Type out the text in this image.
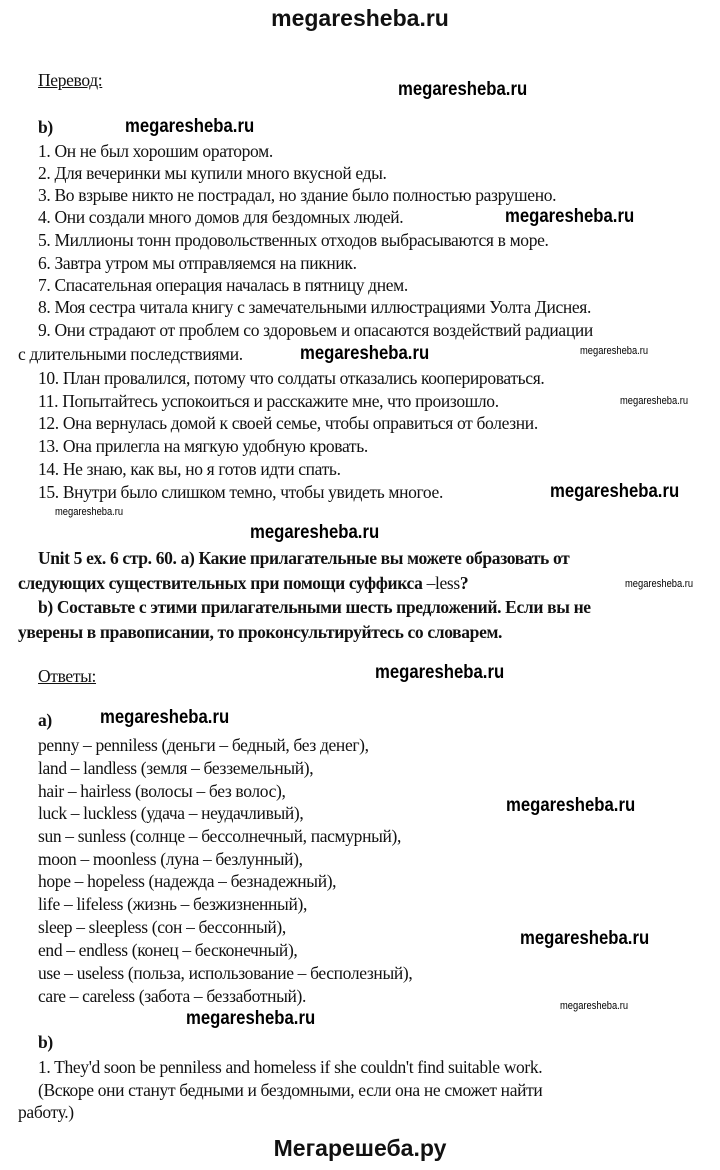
megaresheba.ru
Перевод:	megaresheba.ru
b)	megaresheba.ru
1. Он не был хорошим оратором.
2. Для вечеринки мы купили много вкусной еды.
3. Во взрыве никто не пострадал, но здание было полностью разрушено.
4. Они создали много домов для бездомных людей.	megaresheba.ru
5. Миллионы тонн продовольственных отходов выбрасываются в море.
6. Завтра утром мы отправляемся на пикник.
7. Спасательная операция началась в пятницу днем.
8. Моя сестра читала книгу с замечательными иллюстрациями Уолта Диснея.
9. Они страдают от проблем со здоровьем и опасаются воздействий радиации
с длительными последствиями.	megaresheba.ru
megaresheba.ru
10. План провалился, потому что солдаты отказались кооперироваться.
11. Попытайтесь успокоиться и расскажите мне, что произошло.	megaresheba.ru
12. Она вернулась домой к своей семье, чтобы оправиться от болезни.
13. Она прилегла на мягкую удобную кровать.
14. Не знаю, как вы, но я готов идти спать.
15. Внутри было слишком темно, чтобы увидеть многое.	megaresheba.ru
megaresheba.ru
megaresheba.ru
Unit 5 ex. 6 стр. 60. a) Какие прилагательные вы можете образовать от
megaresheba.ru
следующих существительных при помощи суффикса –less?
b) Составьте с этими прилагательными шесть предложений. Если вы не
уверены в правописании, то проконсультируйтесь со словарем.
Ответы:	megaresheba.ru
a)	megaresheba.ru
penny – penniless (деньги – бедный, без денег),
land – landless (земля – безземельный),
hair – hairless (волосы – без волос),
luck – luckless (удача – неудачливый),	megaresheba.ru
sun – sunless (солнце – бессолнечный, пасмурный),
moon – moonless (луна – безлунный),
hope – hopeless (надежда – безнадежный),
life – lifeless (жизнь – безжизненный),
sleep – sleepless (сон – бессонный),
megaresheba.ru
end – endless (конец – бесконечный),
use – useless (польза, использование – бесполезный),
care – careless (забота – беззаботный).	megaresheba.ru
megaresheba.ru
b)
1. They'd soon be penniless and homeless if she couldn't find suitable work.
(Вскоре они станут бедными и бездомными, если она не сможет найти
работу.)
Мегарешеба.ру
